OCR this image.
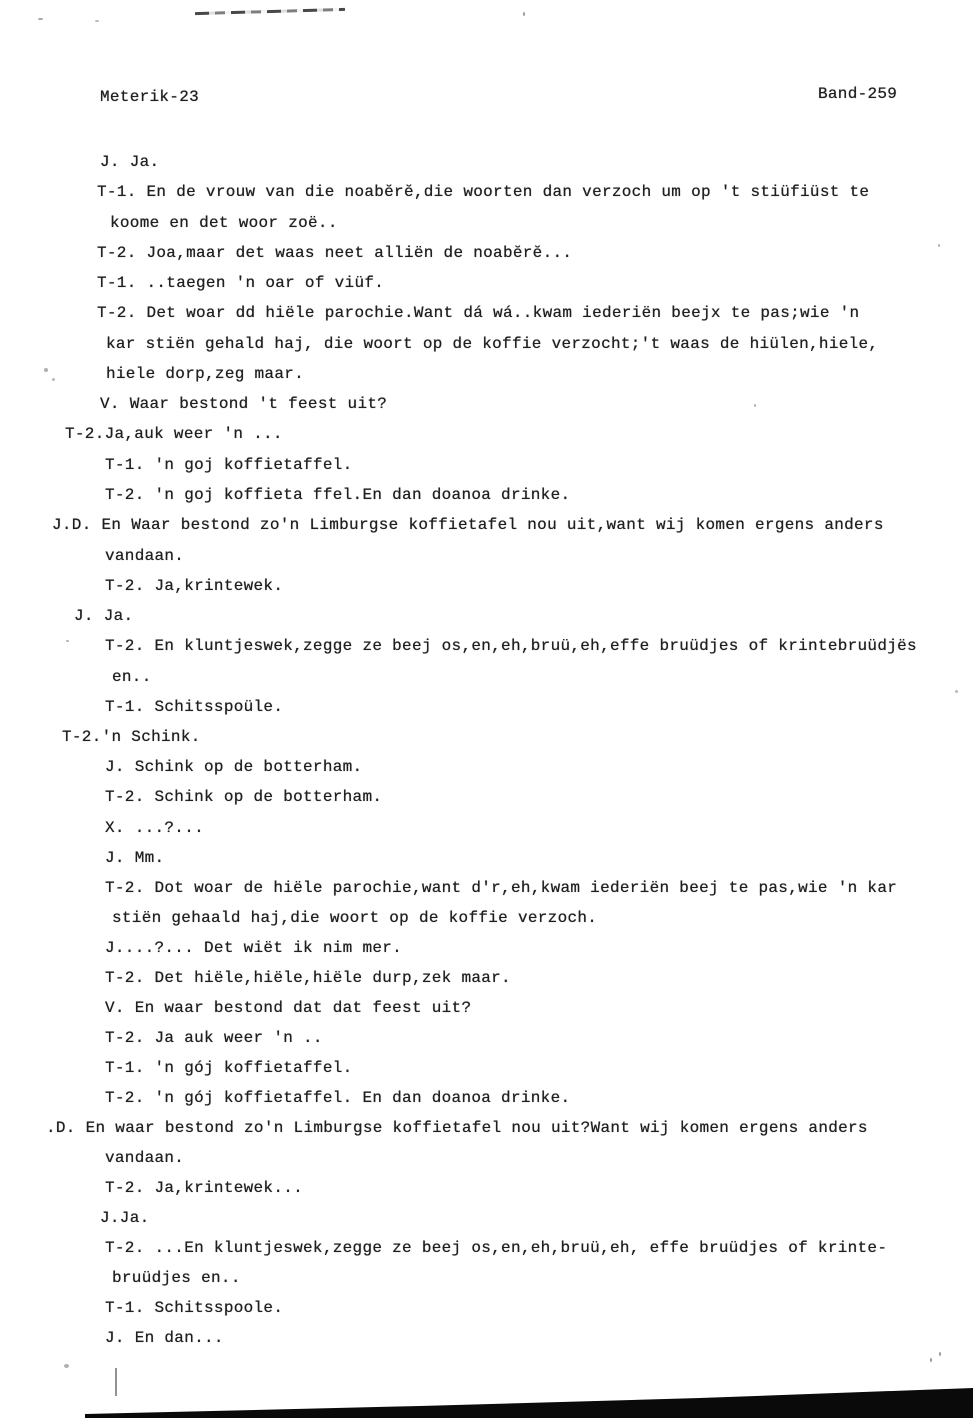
Meterik-23	Band-259
J. Ja.
T-1. En de vrouw van die noabĕrĕ,die woorten dan verzoch um op 't stiüfiüst te
koome en det woor zoë..
T-2. Joa,maar det waas neet alliën de noabĕrĕ...
T-1. ..taegen 'n oar of viüf.
T-2. Det woar dd hiële parochie.Want dá wá..kwam iederiën beejx te pas;wie 'n
kar stiën gehald haj, die woort op de koffie verzocht;'t waas de hiülen,hiele,
hiele dorp,zeg maar.
V. Waar bestond 't feest uit?
T-2.Ja,auk weer 'n ...
T-1. 'n goj koffietaffel.
T-2. 'n goj koffieta ffel.En dan doanoa drinke.
J.D. En Waar bestond zo'n Limburgse koffietafel nou uit,want wij komen ergens anders
vandaan.
T-2. Ja,krintewek.
J. Ja.
T-2. En kluntjeswek,zegge ze beej os,en,eh,bruü,eh,effe bruüdjes of krintebruüdjës
en..
T-1. Schitsspoüle.
T-2.'n Schink.
J. Schink op de botterham.
T-2. Schink op de botterham.
X. ...?...
J. Mm.
T-2. Dot woar de hiële parochie,want d'r,eh,kwam iederiën beej te pas,wie 'n kar
stiën gehaald haj,die woort op de koffie verzoch.
J....?... Det wiët ik nim mer.
T-2. Det hiële,hiële,hiële durp,zek maar.
V. En waar bestond dat dat feest uit?
T-2. Ja auk weer 'n ..
T-1. 'n gój koffietaffel.
T-2. 'n gój koffietaffel. En dan doanoa drinke.
.D. En waar bestond zo'n Limburgse koffietafel nou uit?Want wij komen ergens anders
vandaan.
T-2. Ja,krintewek...
J.Ja.
T-2. ...En kluntjeswek,zegge ze beej os,en,eh,bruü,eh, effe bruüdjes of krinte-
bruüdjes en..
T-1. Schitsspoole.
J. En dan...
